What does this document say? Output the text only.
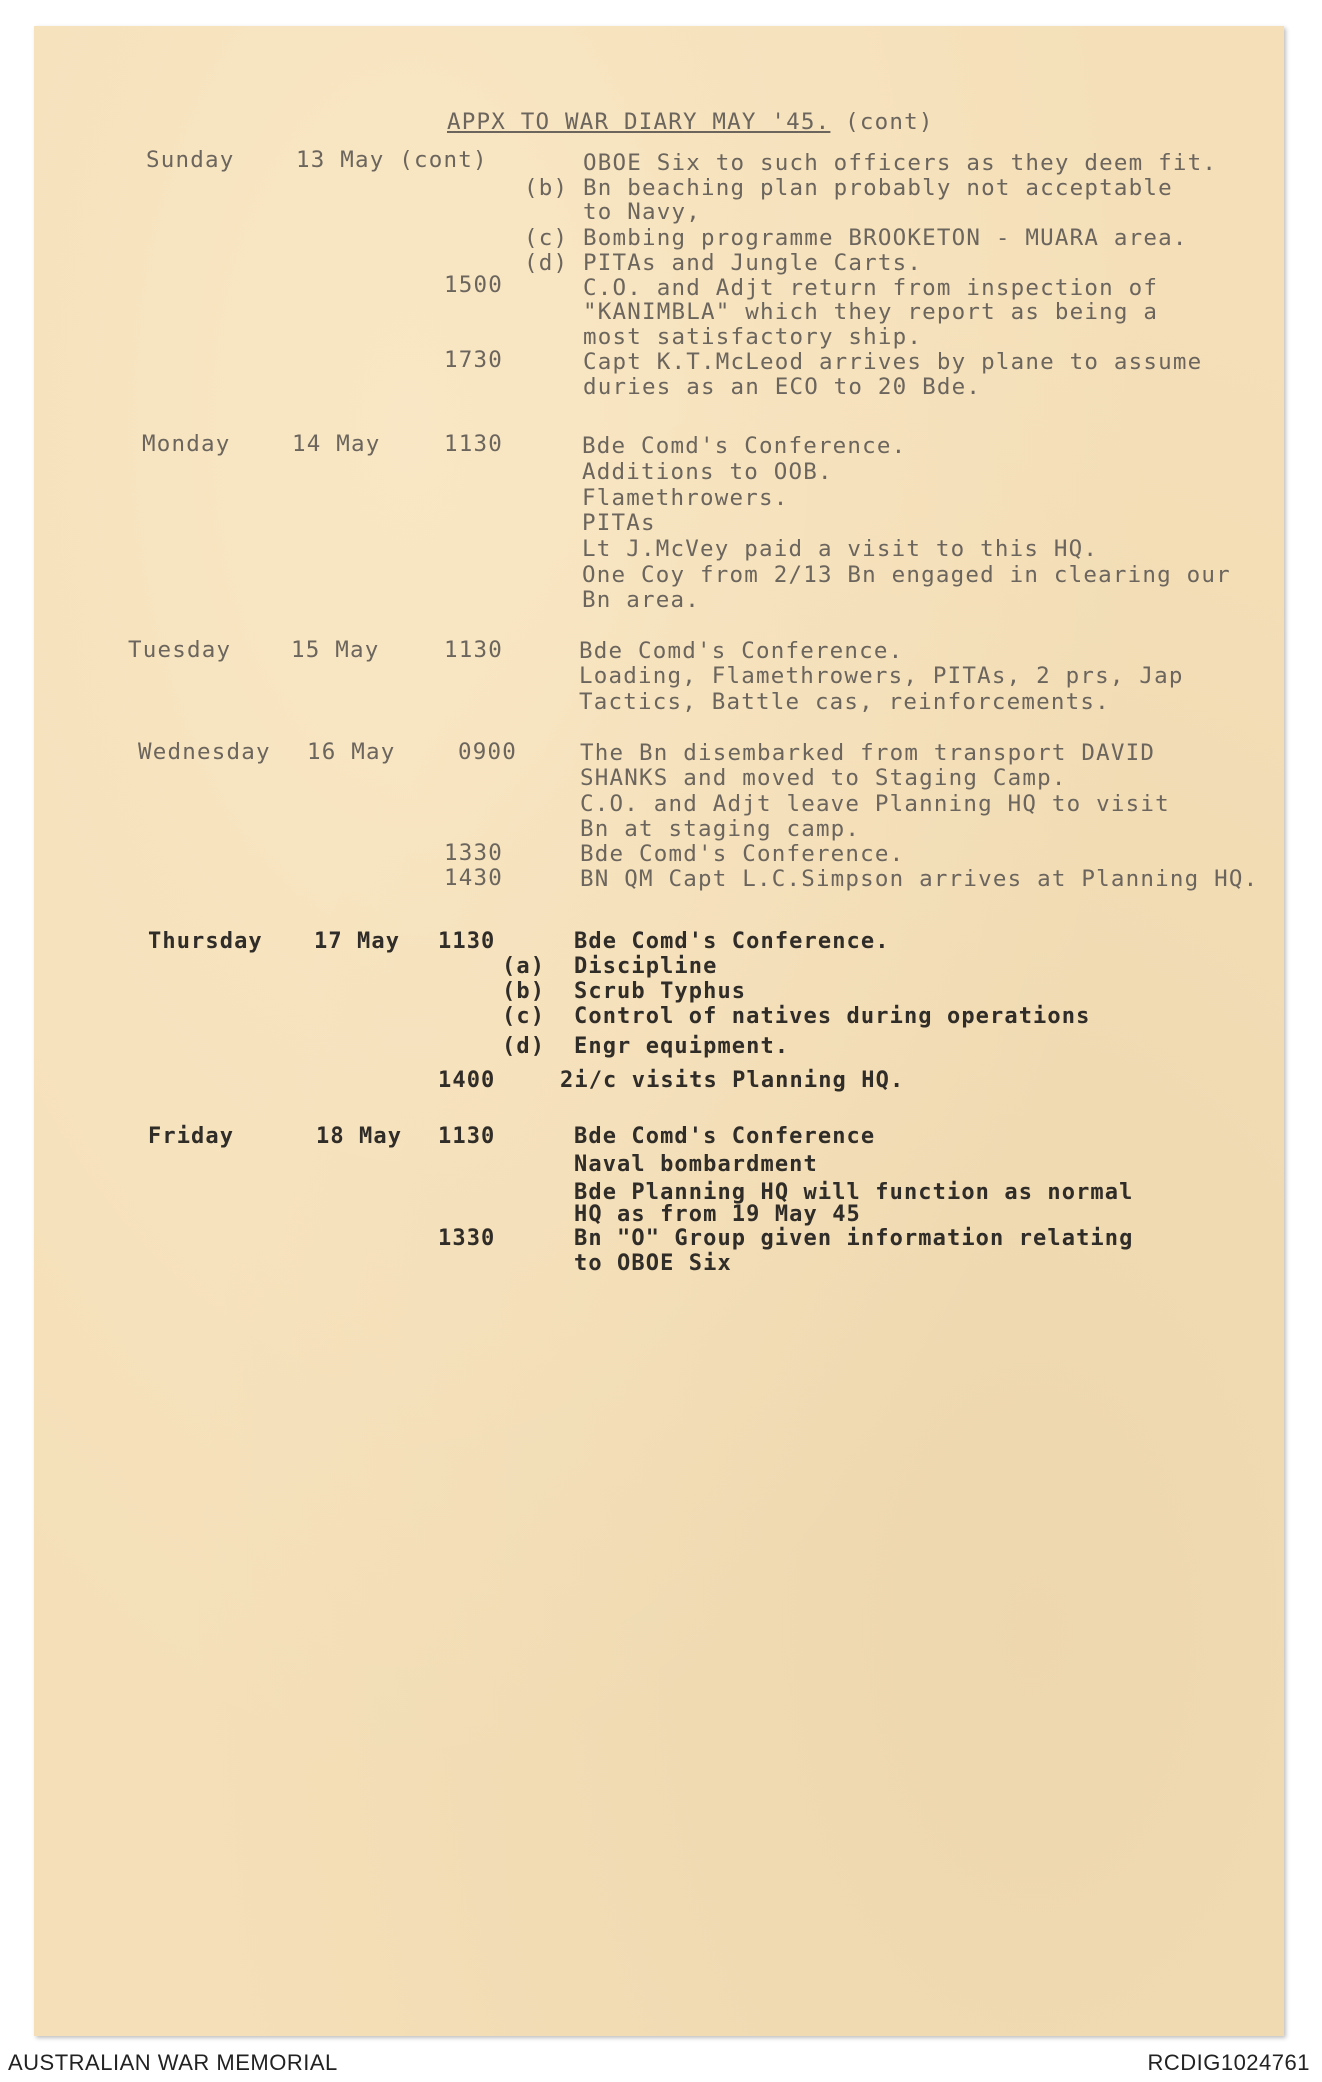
APPX TO WAR DIARY MAY '45. (cont)
Sunday	13 May (cont)	OBOE Six to such officers as they deem fit.
(b) Bn beaching plan probably not acceptable
to Navy,
(c) Bombing programme BROOKETON - MUARA area.
(d) PITAs and Jungle Carts.
1500	C.O. and Adjt return from inspection of
"KANIMBLA" which they report as being a
most satisfactory ship.
1730	Capt K.T.McLeod arrives by plane to assume
duries as an ECO to 20 Bde.
Monday	14 May	1130	Bde Comd's Conference.
Additions to OOB.
Flamethrowers.
PITAs
Lt J.McVey paid a visit to this HQ.
One Coy from 2/13 Bn engaged in clearing our
Bn area.
Tuesday	15 May	1130	Bde Comd's Conference.
Loading, Flamethrowers, PITAs, 2 prs, Jap
Tactics, Battle cas, reinforcements.
Wednesday 16 May	0900	The Bn disembarked from transport DAVID
SHANKS and moved to Staging Camp.
C.O. and Adjt leave Planning HQ to visit
Bn at staging camp.
1330	Bde Comd's Conference.
1430	BN QM Capt L.C.Simpson arrives at Planning HQ.
Thursday 17 May 1130	Bde Comd's Conference.
(a) Discipline
(b) Scrub Typhus
(c) Control of natives during operations
(d) Engr equipment.
1400	2i/c visits Planning HQ.
Friday	18 May 1130	Bde Comd's Conference
Naval bombardment
Bde Planning HQ will function as normal
HQ as from 19 May 45
1330	Bn "O" Group given information relating
to OBOE Six
AUSTRALIAN WAR MEMORIAL	RCDIG1024761
